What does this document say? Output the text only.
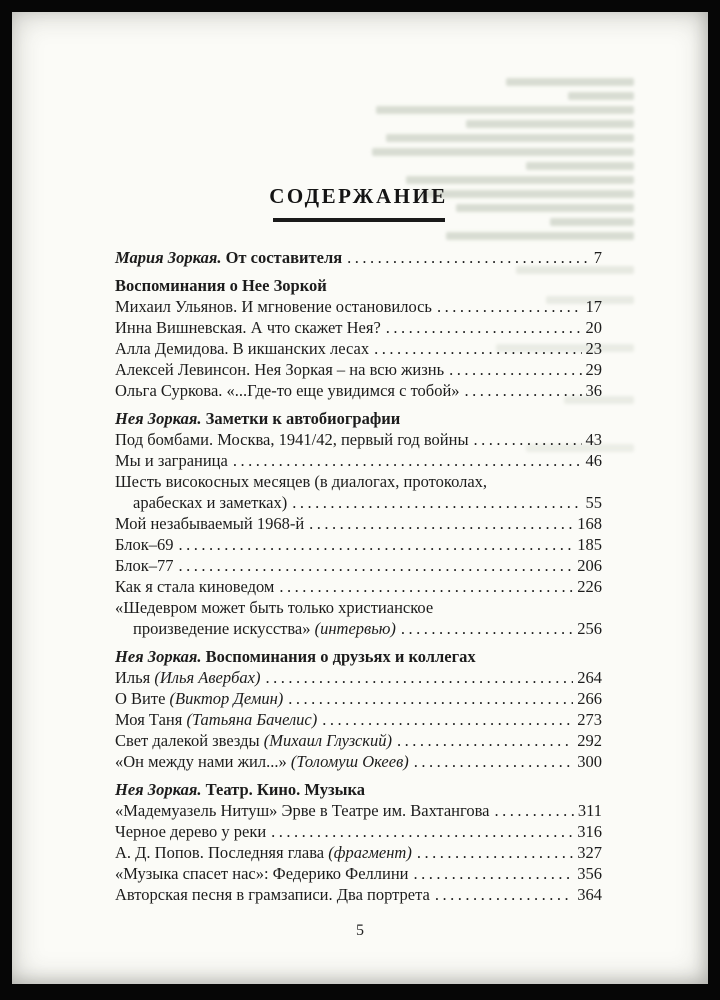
СОДЕРЖАНИЕ
Мария Зоркая. От составителя .....	7
Воспоминания о Нее Зоркой
Михаил Ульянов. И мгновение остановилось .....	17
Инна Вишневская. А что скажет Нея? .....	20
Алла Демидова. В икшанских лесах .....	23
Алексей Левинсон. Нея Зоркая – на всю жизнь .....	29
Ольга Суркова. «...Где-то еще увидимся с тобой» .....	36
Нея Зоркая. Заметки к автобиографии
Под бомбами. Москва, 1941/42, первый год войны .....	43
Мы и заграница .....	46
Шесть високосных месяцев (в диалогах, протоколах,
арабесках и заметках) .....	55
Мой незабываемый 1968-й .....	168
Блок–69 .....	185
Блок–77 .....	206
Как я стала киноведом .....	226
«Шедевром может быть только христианское
произведение искусства» (интервью) .....	256
Нея Зоркая. Воспоминания о друзьях и коллегах
Илья (Илья Авербах) .....	264
О Вите (Виктор Демин) .....	266
Моя Таня (Татьяна Бачелис) .....	273
Свет далекой звезды (Михаил Глузский) .....	292
«Он между нами жил...» (Толомуш Океев) .....	300
Нея Зоркая. Театр. Кино. Музыка
«Мадемуазель Нитуш» Эрве в Театре им. Вахтангова .....	311
Черное дерево у реки .....	316
А. Д. Попов. Последняя глава (фрагмент) .....	327
«Музыка спасет нас»: Федерико Феллини .....	356
Авторская песня в грамзаписи. Два портрета .....	364
5
